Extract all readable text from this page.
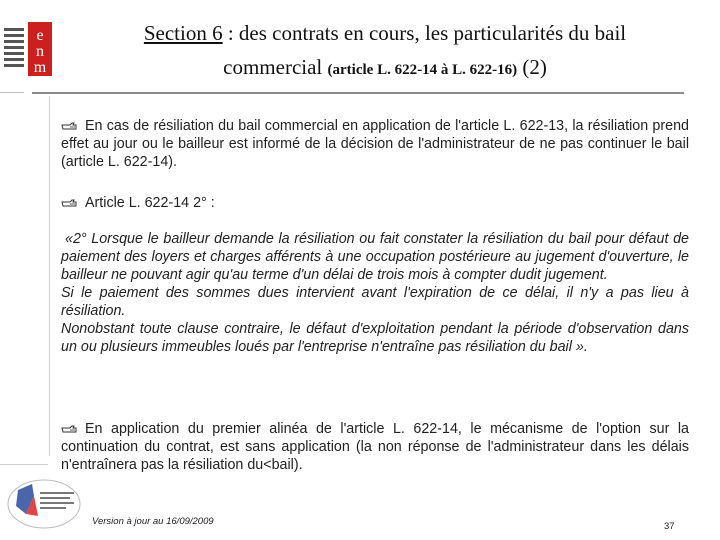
e
n
m
Section 6 : des contrats en cours, les particularités du bail
commercial (article L. 622-14 à L. 622-16) (2)
En cas de résiliation du bail commercial en application de l'article L. 622-13, la résiliation prend effet au jour ou le bailleur est informé de la décision de l'administrateur de ne pas continuer le bail (article L. 622-14).
Article L. 622-14 2° :
«2° Lorsque le bailleur demande la résiliation ou fait constater la résiliation du bail pour défaut de paiement des loyers et charges afférents à une occupation postérieure au jugement d'ouverture, le bailleur ne pouvant agir qu'au terme d'un délai de trois mois à compter dudit jugement.
Si le paiement des sommes dues intervient avant l'expiration de ce délai, il n'y a pas lieu à résiliation.
Nonobstant toute clause contraire, le défaut d'exploitation pendant la période d'observation dans un ou plusieurs immeubles loués par l'entreprise n'entraîne pas résiliation du bail ».
En application du premier alinéa de l'article L. 622-14, le mécanisme de l'option sur la continuation du contrat, est sans application (la non réponse de l'administrateur dans les délais n'entraînera pas la résiliation du<bail).
Version à jour au 16/09/2009	37
